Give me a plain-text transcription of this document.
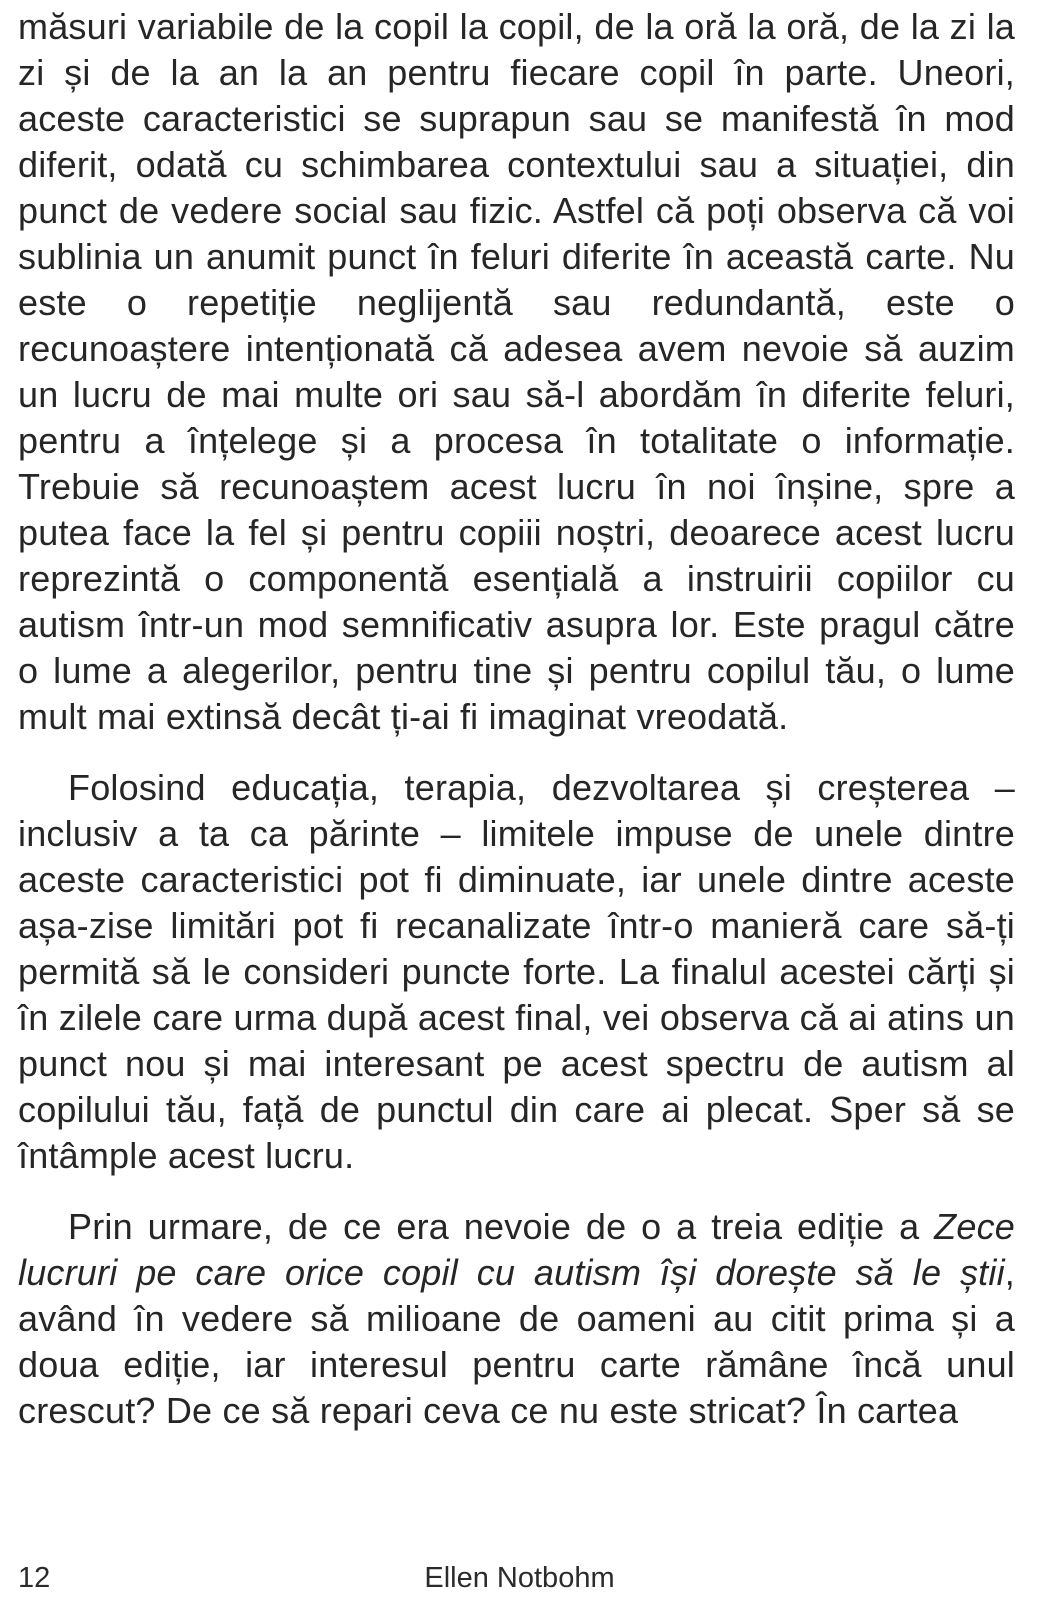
măsuri variabile de la copil la copil, de la oră la oră, de la zi la zi și de la an la an pentru fiecare copil în parte. Uneori, aceste caracteristici se suprapun sau se manifestă în mod diferit, odată cu schimbarea contextului sau a situației, din punct de vedere social sau fizic. Astfel că poți observa că voi sublinia un anumit punct în feluri diferite în această carte. Nu este o repetiție neglijentă sau redundantă, este o recunoaștere intenționată că adesea avem nevoie să auzim un lucru de mai multe ori sau să-l abordăm în diferite feluri, pentru a înțelege și a procesa în totalitate o informație. Trebuie să recunoaștem acest lucru în noi înșine, spre a putea face la fel și pentru copiii noștri, deoarece acest lucru reprezintă o componentă esențială a instruirii copiilor cu autism într-un mod semnificativ asupra lor. Este pragul către o lume a alegerilor, pentru tine și pentru copilul tău, o lume mult mai extinsă decât ți-ai fi imaginat vreodată.

Folosind educația, terapia, dezvoltarea și creșterea – inclusiv a ta ca părinte – limitele impuse de unele dintre aceste caracteristici pot fi diminuate, iar unele dintre aceste așa-zise limitări pot fi recanalizate într-o manieră care să-ți permită să le consideri puncte forte. La finalul acestei cărți și în zilele care urma după acest final, vei observa că ai atins un punct nou și mai interesant pe acest spectru de autism al copilului tău, față de punctul din care ai plecat. Sper să se întâmple acest lucru.

Prin urmare, de ce era nevoie de o a treia ediție a Zece lucruri pe care orice copil cu autism își dorește să le știi, având în vedere să milioane de oameni au citit prima și a doua ediție, iar interesul pentru carte rămâne încă unul crescut? De ce să repari ceva ce nu este stricat? În cartea

12	Ellen Notbohm
